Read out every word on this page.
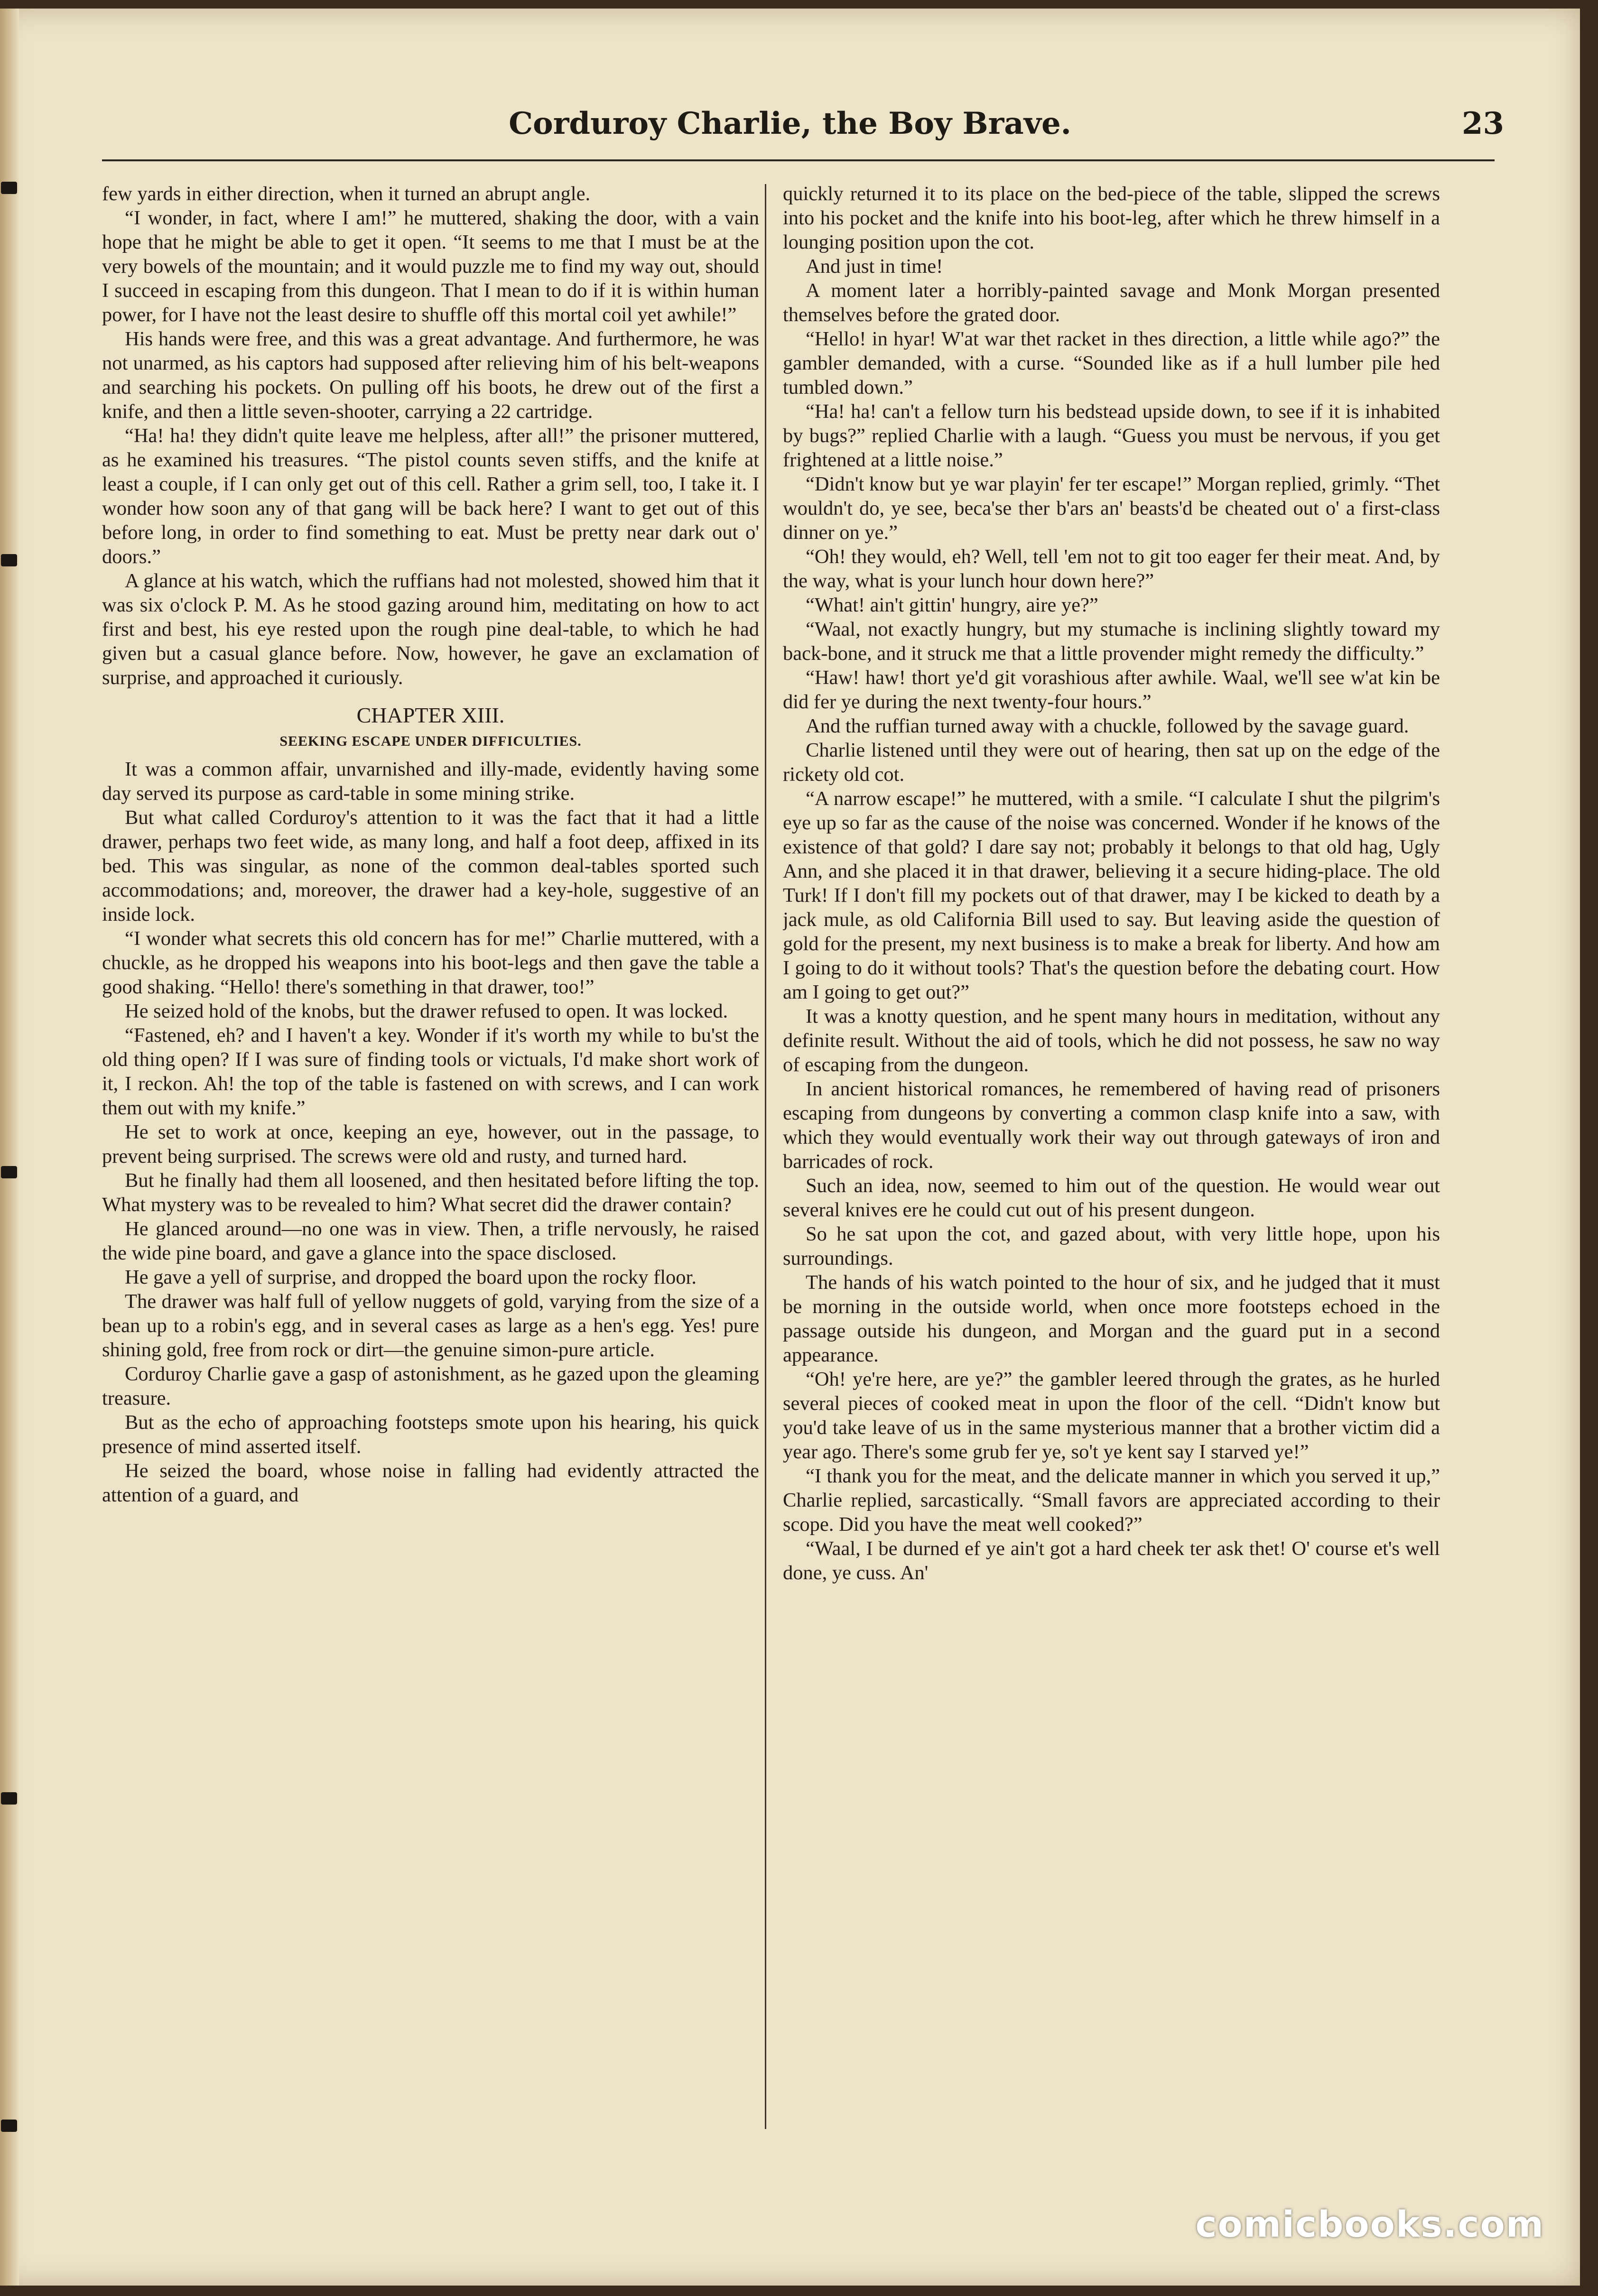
Corduroy Charlie, the Boy Brave.	23

few yards in either direction, when it turned an abrupt angle.

“I wonder, in fact, where I am!” he muttered, shaking the door, with a vain hope that he might be able to get it open. “It seems to me that I must be at the very bowels of the mountain; and it would puzzle me to find my way out, should I succeed in escaping from this dungeon. That I mean to do if it is within human power, for I have not the least desire to shuffle off this mortal coil yet awhile!”

His hands were free, and this was a great advantage. And furthermore, he was not unarmed, as his captors had supposed after relieving him of his belt-weapons and searching his pockets. On pulling off his boots, he drew out of the first a knife, and then a little seven-shooter, carrying a 22 cartridge.

“Ha! ha! they didn't quite leave me helpless, after all!” the prisoner muttered, as he examined his treasures. “The pistol counts seven stiffs, and the knife at least a couple, if I can only get out of this cell. Rather a grim sell, too, I take it. I wonder how soon any of that gang will be back here? I want to get out of this before long, in order to find something to eat. Must be pretty near dark out o' doors.”

A glance at his watch, which the ruffians had not molested, showed him that it was six o'clock P. M. As he stood gazing around him, meditating on how to act first and best, his eye rested upon the rough pine deal-table, to which he had given but a casual glance before. Now, however, he gave an exclamation of surprise, and approached it curiously.

CHAPTER XIII.
SEEKING ESCAPE UNDER DIFFICULTIES.

It was a common affair, unvarnished and illy-made, evidently having some day served its purpose as card-table in some mining strike.

But what called Corduroy's attention to it was the fact that it had a little drawer, perhaps two feet wide, as many long, and half a foot deep, affixed in its bed. This was singular, as none of the common deal-tables sported such accommodations; and, moreover, the drawer had a key-hole, suggestive of an inside lock.

“I wonder what secrets this old concern has for me!” Charlie muttered, with a chuckle, as he dropped his weapons into his boot-legs and then gave the table a good shaking. “Hello! there's something in that drawer, too!”

He seized hold of the knobs, but the drawer refused to open. It was locked.

“Fastened, eh? and I haven't a key. Wonder if it's worth my while to bu'st the old thing open? If I was sure of finding tools or victuals, I'd make short work of it, I reckon. Ah! the top of the table is fastened on with screws, and I can work them out with my knife.”

He set to work at once, keeping an eye, however, out in the passage, to prevent being surprised. The screws were old and rusty, and turned hard.

But he finally had them all loosened, and then hesitated before lifting the top. What mystery was to be revealed to him? What secret did the drawer contain?

He glanced around—no one was in view. Then, a trifle nervously, he raised the wide pine board, and gave a glance into the space disclosed.

He gave a yell of surprise, and dropped the board upon the rocky floor.

The drawer was half full of yellow nuggets of gold, varying from the size of a bean up to a robin's egg, and in several cases as large as a hen's egg. Yes! pure shining gold, free from rock or dirt—the genuine simon-pure article.

Corduroy Charlie gave a gasp of astonishment, as he gazed upon the gleaming treasure.

But as the echo of approaching footsteps smote upon his hearing, his quick presence of mind asserted itself.

He seized the board, whose noise in falling had evidently attracted the attention of a guard, and

quickly returned it to its place on the bed-piece of the table, slipped the screws into his pocket and the knife into his boot-leg, after which he threw himself in a lounging position upon the cot.

And just in time!

A moment later a horribly-painted savage and Monk Morgan presented themselves before the grated door.

“Hello! in hyar! W'at war thet racket in thes direction, a little while ago?” the gambler demanded, with a curse. “Sounded like as if a hull lumber pile hed tumbled down.”

“Ha! ha! can't a fellow turn his bedstead upside down, to see if it is inhabited by bugs?” replied Charlie with a laugh. “Guess you must be nervous, if you get frightened at a little noise.”

“Didn't know but ye war playin' fer ter escape!” Morgan replied, grimly. “Thet wouldn't do, ye see, beca'se ther b'ars an' beasts'd be cheated out o' a first-class dinner on ye.”

“Oh! they would, eh? Well, tell 'em not to git too eager fer their meat. And, by the way, what is your lunch hour down here?”

“What! ain't gittin' hungry, aire ye?”

“Waal, not exactly hungry, but my stumache is inclining slightly toward my back-bone, and it struck me that a little provender might remedy the difficulty.”

“Haw! haw! thort ye'd git vorashious after awhile. Waal, we'll see w'at kin be did fer ye during the next twenty-four hours.”

And the ruffian turned away with a chuckle, followed by the savage guard.

Charlie listened until they were out of hearing, then sat up on the edge of the rickety old cot.

“A narrow escape!” he muttered, with a smile. “I calculate I shut the pilgrim's eye up so far as the cause of the noise was concerned. Wonder if he knows of the existence of that gold? I dare say not; probably it belongs to that old hag, Ugly Ann, and she placed it in that drawer, believing it a secure hiding-place. The old Turk! If I don't fill my pockets out of that drawer, may I be kicked to death by a jack mule, as old California Bill used to say. But leaving aside the question of gold for the present, my next business is to make a break for liberty. And how am I going to do it without tools? That's the question before the debating court. How am I going to get out?”

It was a knotty question, and he spent many hours in meditation, without any definite result. Without the aid of tools, which he did not possess, he saw no way of escaping from the dungeon.

In ancient historical romances, he remembered of having read of prisoners escaping from dungeons by converting a common clasp knife into a saw, with which they would eventually work their way out through gateways of iron and barricades of rock.

Such an idea, now, seemed to him out of the question. He would wear out several knives ere he could cut out of his present dungeon.

So he sat upon the cot, and gazed about, with very little hope, upon his surroundings.

The hands of his watch pointed to the hour of six, and he judged that it must be morning in the outside world, when once more footsteps echoed in the passage outside his dungeon, and Morgan and the guard put in a second appearance.

“Oh! ye're here, are ye?” the gambler leered through the grates, as he hurled several pieces of cooked meat in upon the floor of the cell. “Didn't know but you'd take leave of us in the same mysterious manner that a brother victim did a year ago. There's some grub fer ye, so't ye kent say I starved ye!”

“I thank you for the meat, and the delicate manner in which you served it up,” Charlie replied, sarcastically. “Small favors are appreciated according to their scope. Did you have the meat well cooked?”

“Waal, I be durned ef ye ain't got a hard cheek ter ask thet! O' course et's well done, ye cuss. An'

comicbooks.com
